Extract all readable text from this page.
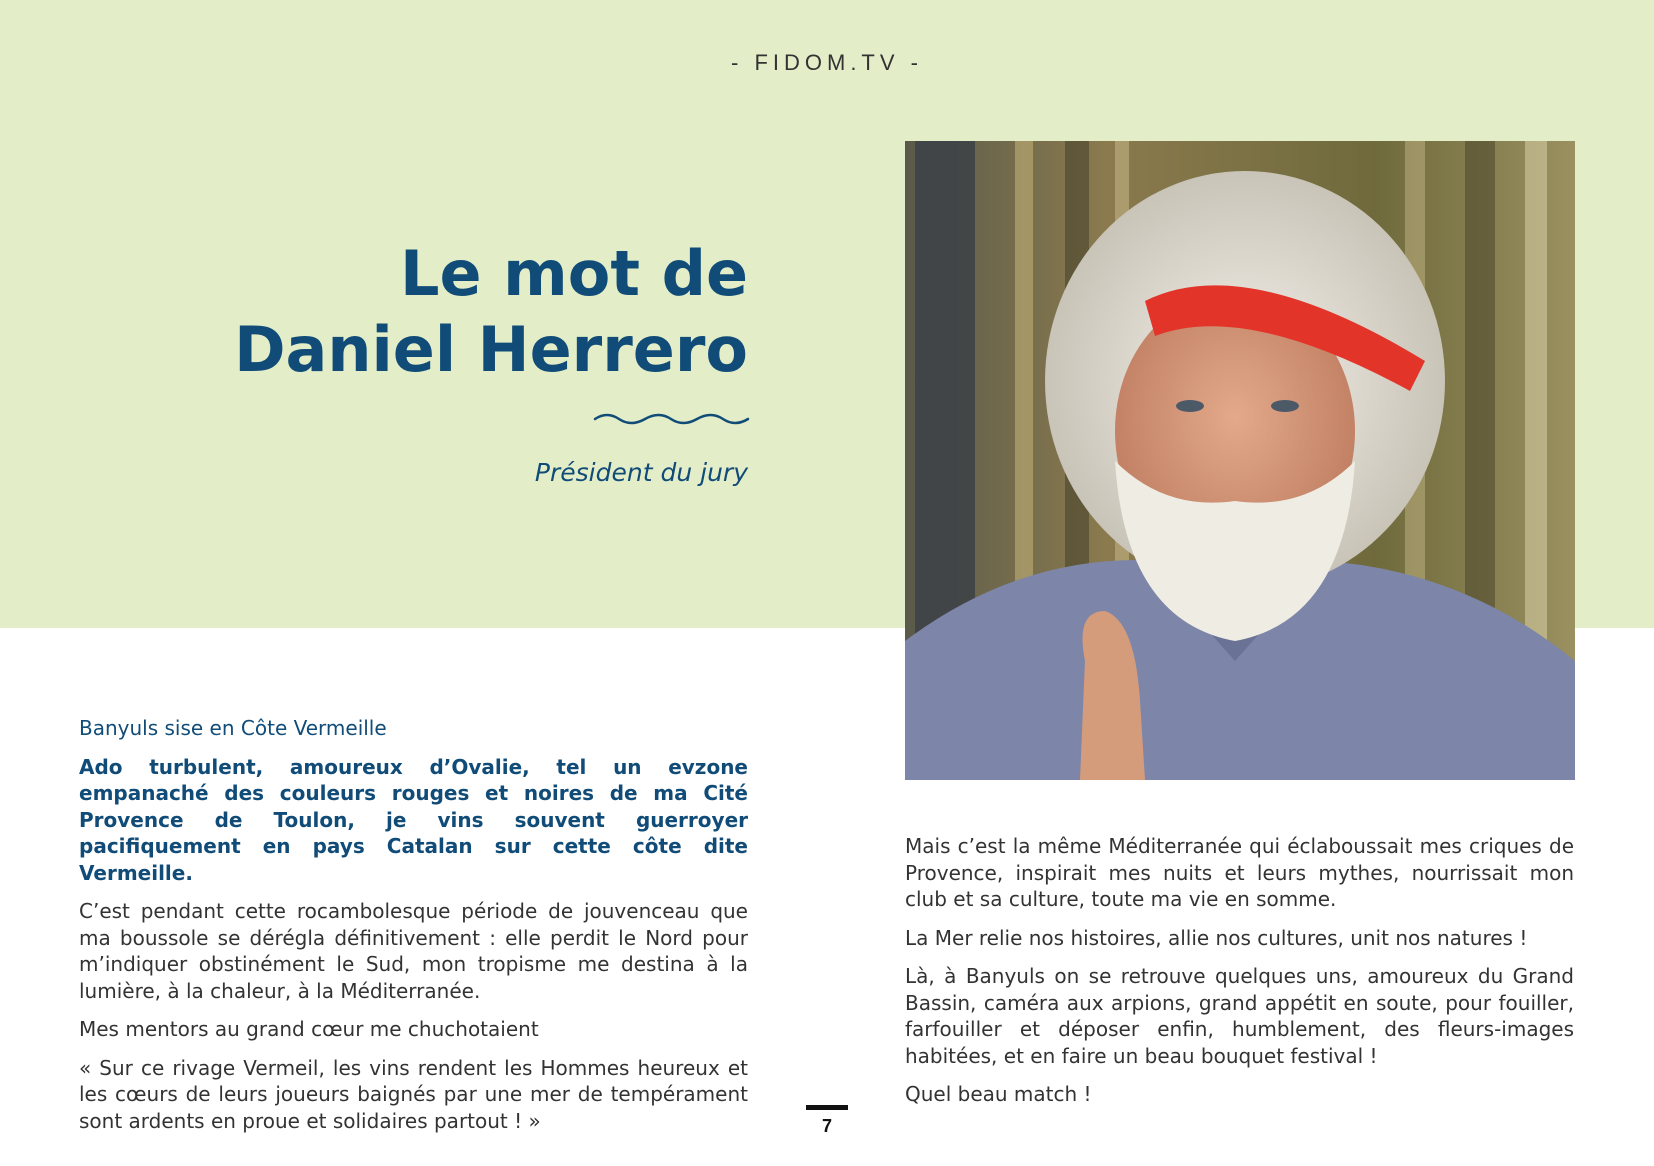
- FIDOM.TV -
Le mot de
Daniel Herrero
Président du jury

Banyuls sise en Côte Vermeille

Ado turbulent, amoureux d’Ovalie, tel un evzone empanaché des couleurs rouges et noires de ma Cité Provence de Toulon, je vins souvent guerroyer pacifiquement en pays Catalan sur cette côte dite Vermeille.

C’est pendant cette rocambolesque période de jouvenceau que ma boussole se dérégla définitivement : elle perdit le Nord pour m’indiquer obstinément le Sud, mon tropisme me destina à la lumière, à la chaleur, à la Méditerranée.

Mes mentors au grand cœur me chuchotaient

« Sur ce rivage Vermeil, les vins rendent les Hommes heureux et les cœurs de leurs joueurs baignés par une mer de tempérament sont ardents en proue et solidaires partout ! »

Mais c’est la même Méditerranée qui éclaboussait mes criques de Provence, inspirait mes nuits et leurs mythes, nourrissait mon club et sa culture, toute ma vie en somme.

La Mer relie nos histoires, allie nos cultures, unit nos natures !

Là, à Banyuls on se retrouve quelques uns, amoureux du Grand Bassin, caméra aux arpions, grand appétit en soute, pour fouiller, farfouiller et déposer enfin, humblement, des fleurs-images habitées, et en faire un beau bouquet festival !

Quel beau match !

7
